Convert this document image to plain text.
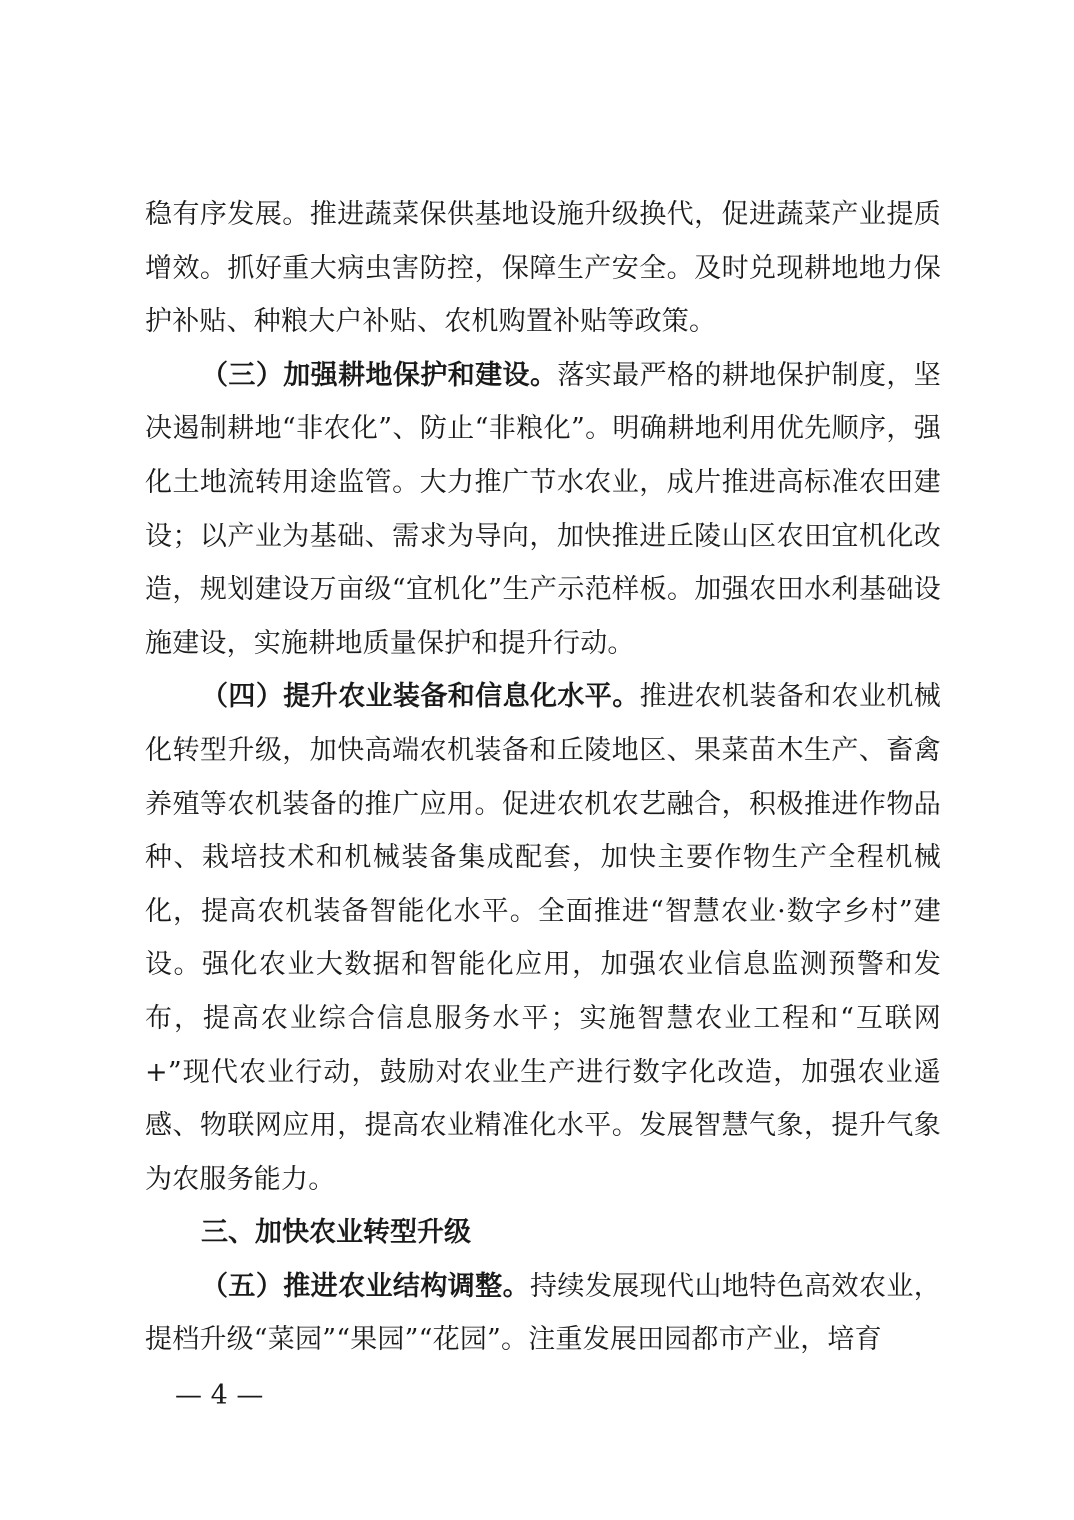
稳有序发展。推进蔬菜保供基地设施升级换代，促进蔬菜产业提质增效。抓好重大病虫害防控，保障生产安全。及时兑现耕地地力保护补贴、种粮大户补贴、农机购置补贴等政策。

（三）加强耕地保护和建设。落实最严格的耕地保护制度，坚决遏制耕地“非农化”、防止“非粮化”。明确耕地利用优先顺序，强化土地流转用途监管。大力推广节水农业，成片推进高标准农田建设；以产业为基础、需求为导向，加快推进丘陵山区农田宜机化改造，规划建设万亩级“宜机化”生产示范样板。加强农田水利基础设施建设，实施耕地质量保护和提升行动。

（四）提升农业装备和信息化水平。推进农机装备和农业机械化转型升级，加快高端农机装备和丘陵地区、果菜苗木生产、畜禽养殖等农机装备的推广应用。促进农机农艺融合，积极推进作物品种、栽培技术和机械装备集成配套，加快主要作物生产全程机械化，提高农机装备智能化水平。全面推进“智慧农业·数字乡村”建设。强化农业大数据和智能化应用，加强农业信息监测预警和发布，提高农业综合信息服务水平；实施智慧农业工程和“互联网+”现代农业行动，鼓励对农业生产进行数字化改造，加强农业遥感、物联网应用，提高农业精准化水平。发展智慧气象，提升气象为农服务能力。

三、加快农业转型升级

（五）推进农业结构调整。持续发展现代山地特色高效农业，提档升级“菜园”“果园”“花园”。注重发展田园都市产业，培育

— 4 —
